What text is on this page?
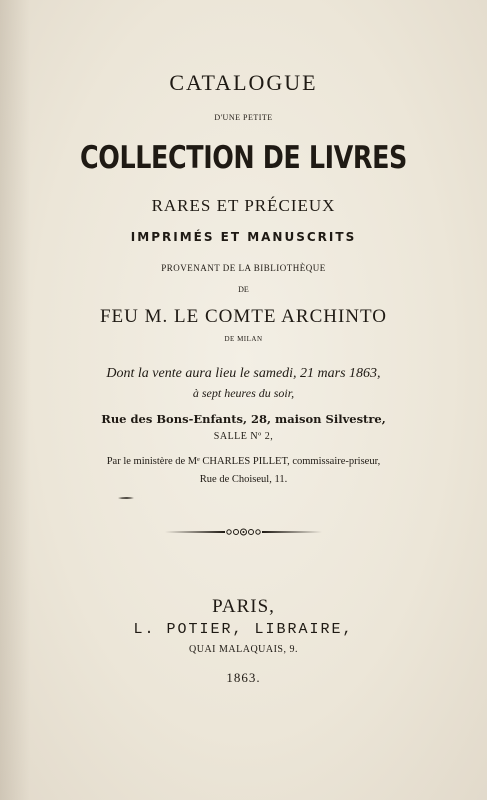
CATALOGUE
D'UNE PETITE
COLLECTION DE LIVRES
RARES ET PRÉCIEUX
IMPRIMÉS ET MANUSCRITS
PROVENANT DE LA BIBLIOTHÈQUE
DE
FEU M. LE COMTE ARCHINTO
DE MILAN
Dont la vente aura lieu le samedi, 21 mars 1863,
à sept heures du soir,
Rue des Bons-Enfants, 28, maison Silvestre,
SALLE Nº 2,
Par le ministère de Mᵉ CHARLES PILLET, commissaire-priseur,
Rue de Choiseul, 11.
PARIS,
L. POTIER, LIBRAIRE,
QUAI MALAQUAIS, 9.
1863.
